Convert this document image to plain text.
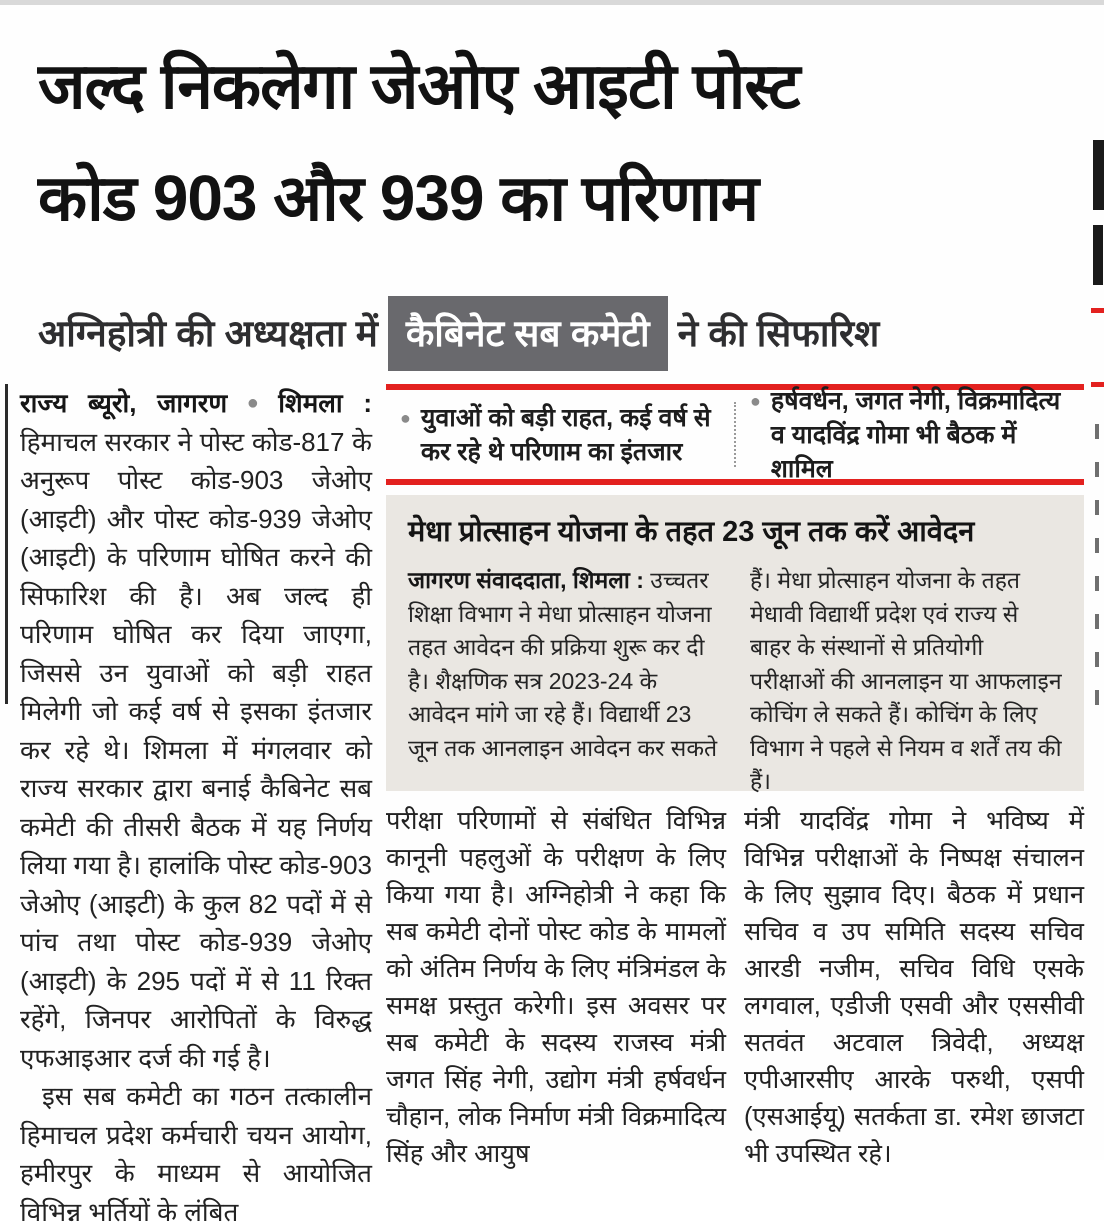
जल्द निकलेगा जेओए आइटी पोस्ट
कोड 903 और 939 का परिणाम
अग्निहोत्री की अध्यक्षता में कैबिनेट सब कमेटी ने की सिफारिश

राज्य ब्यूरो, जागरण ● शिमला : हिमाचल सरकार ने पोस्ट कोड-817 के अनुरूप पोस्ट कोड-903 जेओए (आइटी) और पोस्ट कोड-939 जेओए (आइटी) के परिणाम घोषित करने की सिफारिश की है। अब जल्द ही परिणाम घोषित कर दिया जाएगा, जिससे उन युवाओं को बड़ी राहत मिलेगी जो कई वर्ष से इसका इंतजार कर रहे थे। शिमला में मंगलवार को राज्य सरकार द्वारा बनाई कैबिनेट सब कमेटी की तीसरी बैठक में यह निर्णय लिया गया है। हालांकि पोस्ट कोड-903 जेओए (आइटी) के कुल 82 पदों में से पांच तथा पोस्ट कोड-939 जेओए (आइटी) के 295 पदों में से 11 रिक्त रहेंगे, जिनपर आरोपितों के विरुद्ध एफआइआर दर्ज की गई है।

इस सब कमेटी का गठन तत्कालीन हिमाचल प्रदेश कर्मचारी चयन आयोग, हमीरपुर के माध्यम से आयोजित विभिन्न भर्तियों के लंबित

● युवाओं को बड़ी राहत, कई वर्ष से कर रहे थे परिणाम का इंतजार
● हर्षवर्धन, जगत नेगी, विक्रमादित्य व यादविंद्र गोमा भी बैठक में शामिल
मेधा प्रोत्साहन योजना के तहत 23 जून तक करें आवेदन

जागरण संवाददाता, शिमला : उच्चतर शिक्षा विभाग ने मेधा प्रोत्साहन योजना तहत आवेदन की प्रक्रिया शुरू कर दी है। शैक्षणिक सत्र 2023-24 के आवेदन मांगे जा रहे हैं। विद्यार्थी 23 जून तक आनलाइन आवेदन कर सकते

हैं। मेधा प्रोत्साहन योजना के तहत मेधावी विद्यार्थी प्रदेश एवं राज्य से बाहर के संस्थानों से प्रतियोगी परीक्षाओं की आनलाइन या आफलाइन कोचिंग ले सकते हैं। कोचिंग के लिए विभाग ने पहले से नियम व शर्तें तय की हैं।

परीक्षा परिणामों से संबंधित विभिन्न कानूनी पहलुओं के परीक्षण के लिए किया गया है। अग्निहोत्री ने कहा कि सब कमेटी दोनों पोस्ट कोड के मामलों को अंतिम निर्णय के लिए मंत्रिमंडल के समक्ष प्रस्तुत करेगी। इस अवसर पर सब कमेटी के सदस्य राजस्व मंत्री जगत सिंह नेगी, उद्योग मंत्री हर्षवर्धन चौहान, लोक निर्माण मंत्री विक्रमादित्य सिंह और आयुष

मंत्री यादविंद्र गोमा ने भविष्य में विभिन्न परीक्षाओं के निष्पक्ष संचालन के लिए सुझाव दिए। बैठक में प्रधान सचिव व उप समिति सदस्य सचिव आरडी नजीम, सचिव विधि एसके लगवाल, एडीजी एसवी और एससीवी सतवंत अटवाल त्रिवेदी, अध्यक्ष एपीआरसीए आरके परुथी, एसपी (एसआईयू) सतर्कता डा. रमेश छाजटा भी उपस्थित रहे।
